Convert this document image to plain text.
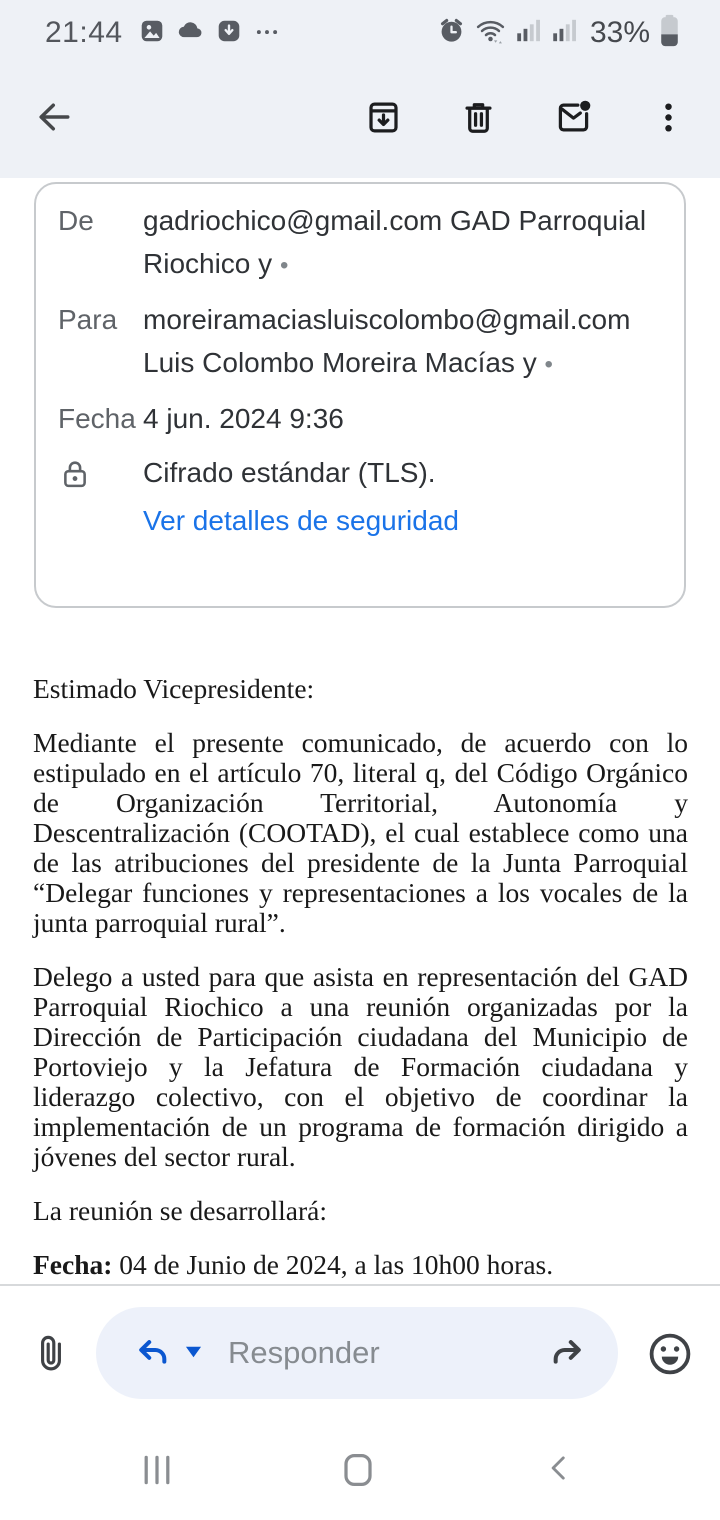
21:44	33%
De	gadriochico@gmail.com GAD Parroquial Riochico y •
Para moreiramaciasluiscolombo@gmail.com Luis Colombo Moreira Macías y •
Fecha 4 jun. 2024 9:36
Cifrado estándar (TLS).
Ver detalles de seguridad

Estimado Vicepresidente:

Mediante el presente comunicado, de acuerdo con lo estipulado en el artículo 70, literal q, del Código Orgánico de Organización Territorial, Autonomía y Descentralización (COOTAD), el cual establece como una de las atribuciones del presidente de la Junta Parroquial “Delegar funciones y representaciones a los vocales de la junta parroquial rural”.

Delego a usted para que asista en representación del GAD Parroquial Riochico a una reunión organizadas por la Dirección de Participación ciudadana del Municipio de Portoviejo y la Jefatura de Formación ciudadana y liderazgo colectivo, con el objetivo de coordinar la implementación de un programa de formación dirigido a jóvenes del sector rural.

La reunión se desarrollará:

Fecha: 04 de Junio de 2024, a las 10h00 horas.

Responder
